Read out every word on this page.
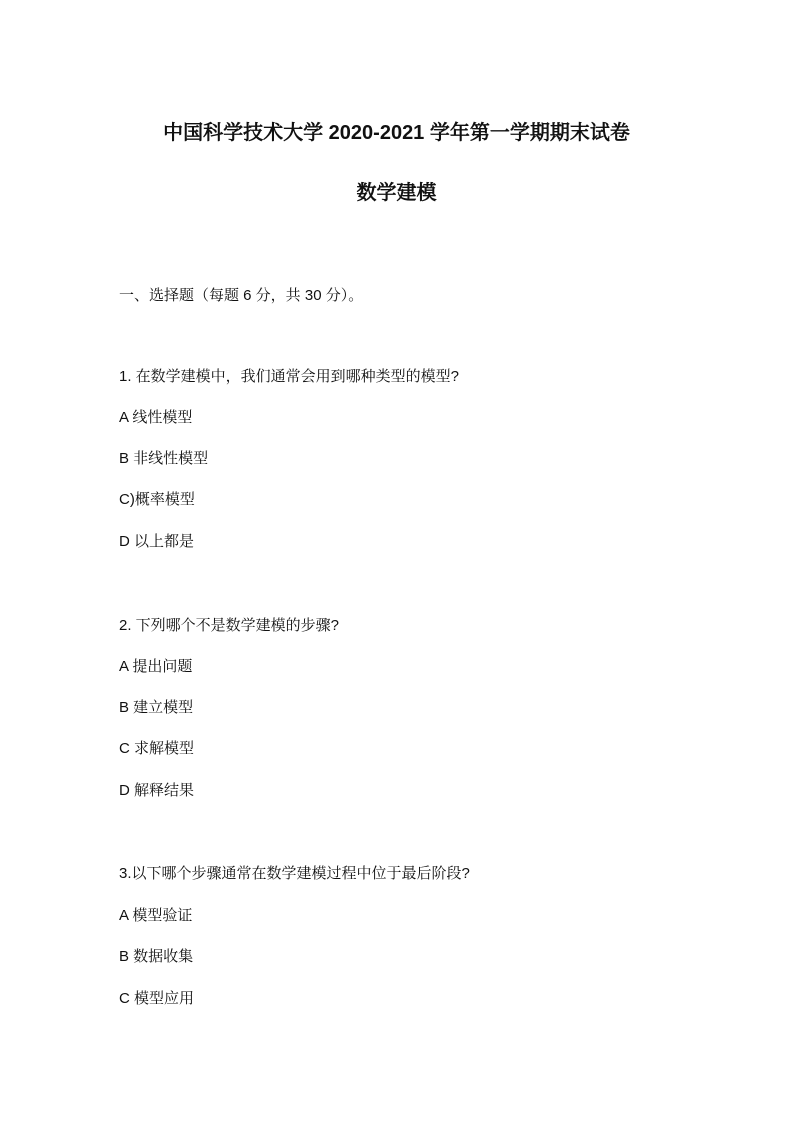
中国科学技术大学 2020-2021 学年第一学期期末试卷
数学建模
一、选择题（每题 6 分，共 30 分）。
1. 在数学建模中，我们通常会用到哪种类型的模型?
A 线性模型
B 非线性模型
C)概率模型
D 以上都是
2. 下列哪个不是数学建模的步骤?
A 提出问题
B 建立模型
C 求解模型
D 解释结果
3.以下哪个步骤通常在数学建模过程中位于最后阶段?
A 模型验证
B 数据收集
C 模型应用
